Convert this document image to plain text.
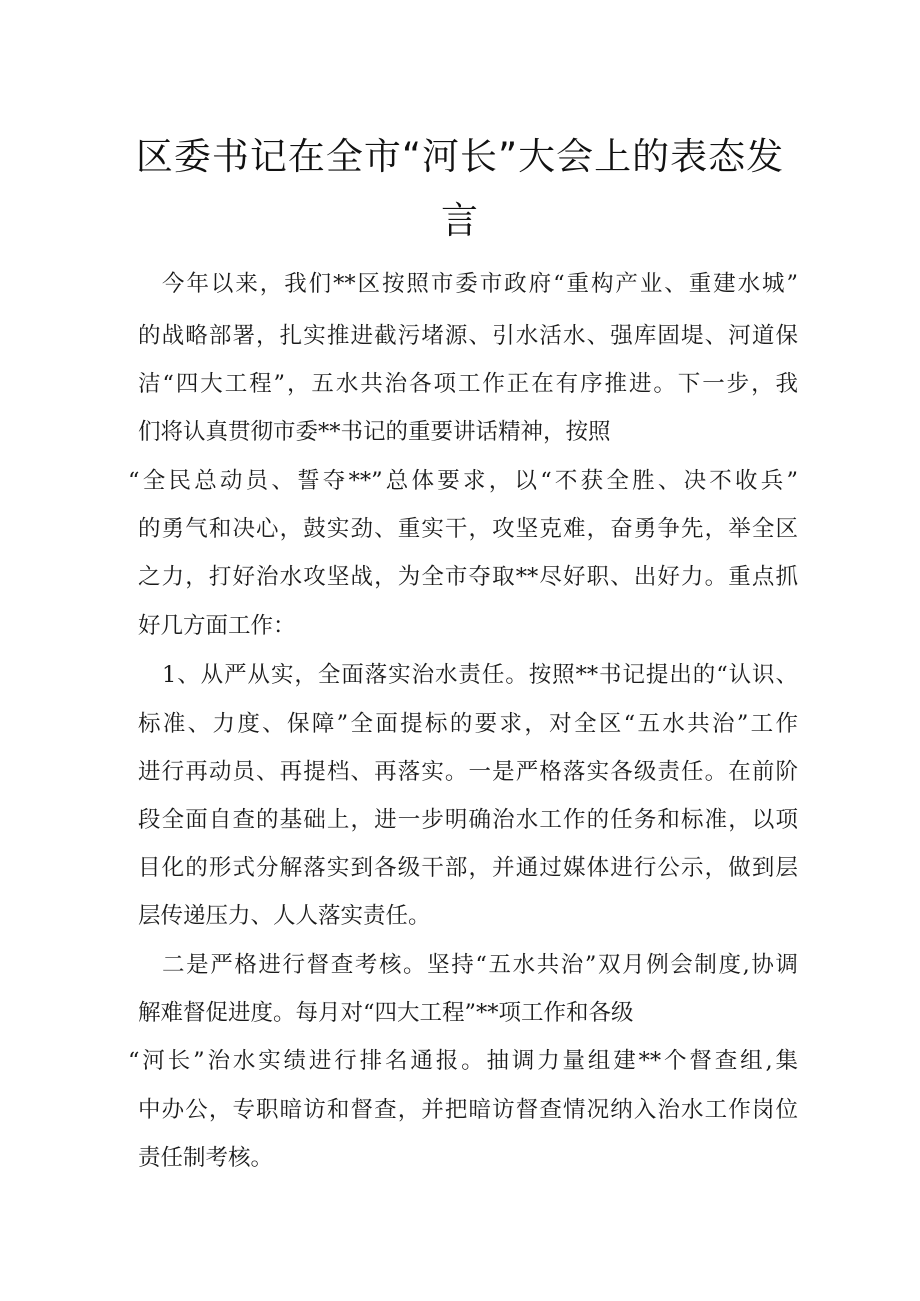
区委书记在全市“河长”大会上的表态发
言
今年以来，我们**区按照市委市政府“重构产业、重建水城”
的战略部署，扎实推进截污堵源、引水活水、强库固堤、河道保
洁“四大工程”，五水共治各项工作正在有序推进。下一步，我
们将认真贯彻市委**书记的重要讲话精神，按照
“全民总动员、誓夺**”总体要求，以“不获全胜、决不收兵”
的勇气和决心，鼓实劲、重实干，攻坚克难，奋勇争先，举全区
之力，打好治水攻坚战，为全市夺取**尽好职、出好力。重点抓
好几方面工作：
1、从严从实，全面落实治水责任。按照**书记提出的“认识、
标准、力度、保障”全面提标的要求，对全区“五水共治”工作
进行再动员、再提档、再落实。一是严格落实各级责任。在前阶
段全面自查的基础上，进一步明确治水工作的任务和标准，以项
目化的形式分解落实到各级干部，并通过媒体进行公示，做到层
层传递压力、人人落实责任。
二是严格进行督查考核。坚持“五水共治”双月例会制度,协调
解难督促进度。每月对“四大工程”**项工作和各级
“河长”治水实绩进行排名通报。抽调力量组建**个督查组,集
中办公，专职暗访和督查，并把暗访督查情况纳入治水工作岗位
责任制考核。
